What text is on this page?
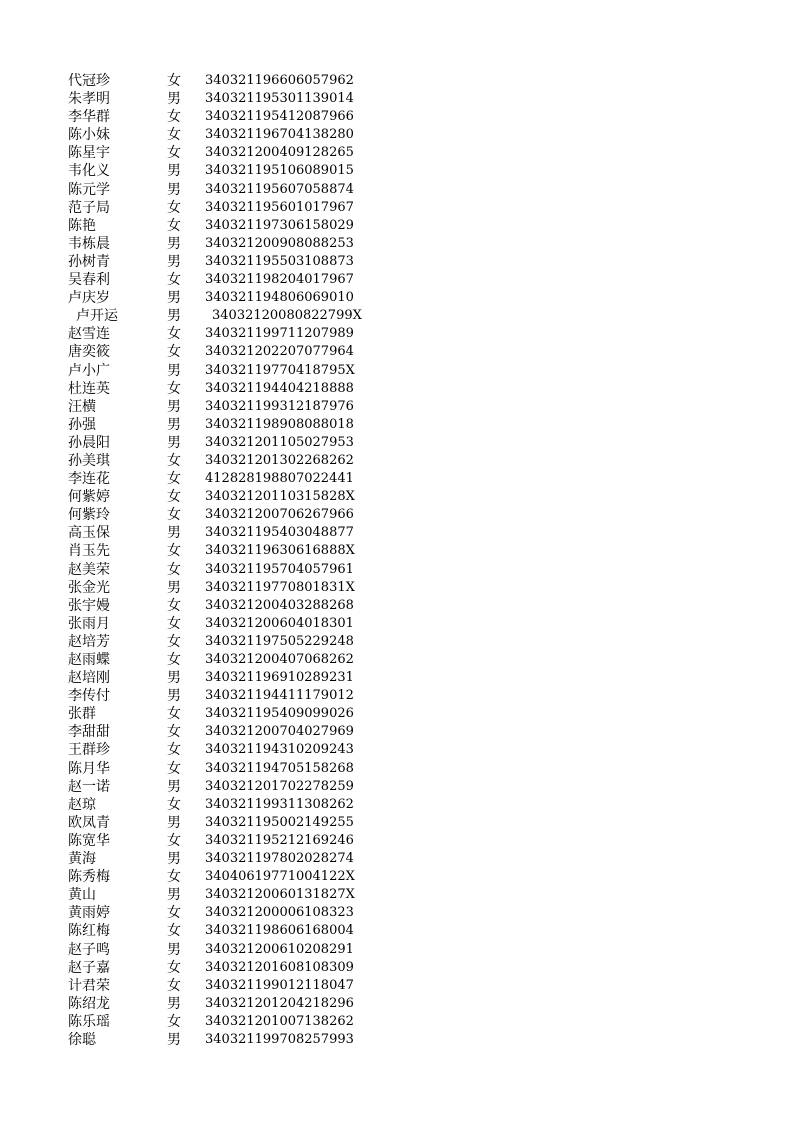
代冠珍	女 340321196606057962
朱孝明	男 340321195301139014
李华群	女 340321195412087966
陈小妹	女 340321196704138280
陈星宇	女 340321200409128265
韦化义	男 340321195106089015
陈元学	男 340321195607058874
范子局	女 340321195601017967
陈艳	女 340321197306158029
韦栋晨	男 340321200908088253
孙树青	男 340321195503108873
吴春利	女 340321198204017967
卢庆岁	男 340321194806069010
卢开运	男 34032120080822799X
赵雪连	女 340321199711207989
唐奕筱	女 340321202207077964
卢小广	男 34032119770418795X
杜连英	女 340321194404218888
汪横	男 340321199312187976
孙强	男 340321198908088018
孙晨阳	男 340321201105027953
孙美琪	女 340321201302268262
李连花	女 412828198807022441
何紫婷	女 34032120110315828X
何紫玲	女 340321200706267966
高玉保	男 340321195403048877
肖玉先	女 34032119630616888X
赵美荣	女 340321195704057961
张金光	男 34032119770801831X
张宇嫚	女 340321200403288268
张雨月	女 340321200604018301
赵培芳	女 340321197505229248
赵雨蝶	女 340321200407068262
赵培刚	男 340321196910289231
李传付	男 340321194411179012
张群	女 340321195409099026
李甜甜	女 340321200704027969
王群珍	女 340321194310209243
陈月华	女 340321194705158268
赵一诺	男 340321201702278259
赵琼	女 340321199311308262
欧凤青	男 340321195002149255
陈宽华	女 340321195212169246
黄海	男 340321197802028274
陈秀梅	女 34040619771004122X
黄山	男 34032120060131827X
黄雨婷	女 340321200006108323
陈红梅	女 340321198606168004
赵子鸣	男 340321200610208291
赵子嘉	女 340321201608108309
计君荣	女 340321199012118047
陈绍龙	男 340321201204218296
陈乐瑶	女 340321201007138262
徐聪	男 340321199708257993
